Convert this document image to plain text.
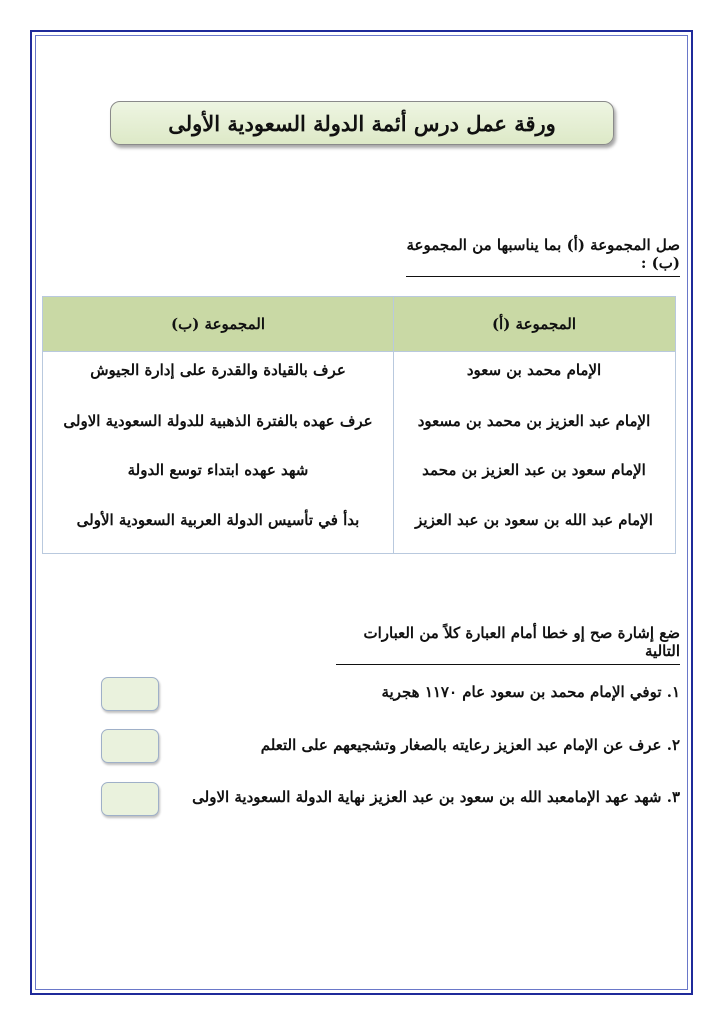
ورقة عمل درس أئمة الدولة السعودية الأولى
صل المجموعة (أ) بما يناسبها من المجموعة (ب) :
المجموعة (أ)
المجموعة (ب)
الإمام محمد بن سعود
الإمام عبد العزيز بن محمد بن مسعود
الإمام سعود بن عبد العزيز بن محمد
الإمام عبد الله بن سعود بن عبد العزيز
عرف بالقيادة والقدرة على إدارة الجيوش
عرف عهده بالفترة الذهبية للدولة السعودية الاولى
شهد عهده ابتداء توسع الدولة
بدأ في تأسيس الدولة العربية السعودية الأولى
ضع إشارة صح إو خطا أمام العبارة كلاً من العبارات التالية
١. توفي الإمام محمد بن سعود عام ١١٧٠ هجرية
٢. عرف عن الإمام عبد العزيز رعايته بالصغار وتشجيعهم على التعلم
٣. شهد عهد الإمامعبد الله بن سعود بن عبد العزيز نهاية الدولة السعودية الاولى
